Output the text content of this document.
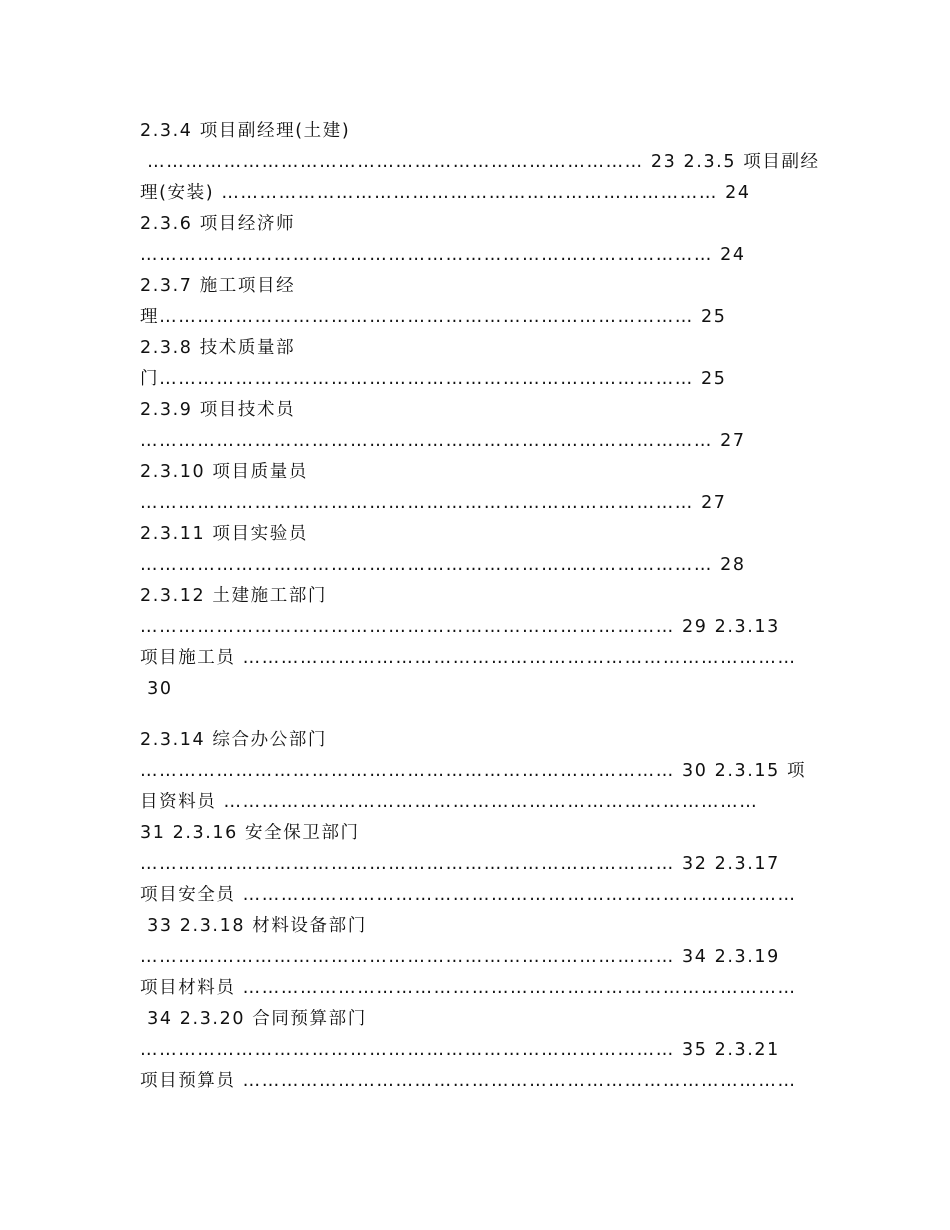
2.3.4 项目副经理(土建)
…………………………………………………………………… 23 2.3.5 项目副经
理(安装) …………………………………………………………………… 24
2.3.6 项目经济师
……………………………………………………………………………… 24
2.3.7 施工项目经
理………………………………………………………………………… 25
2.3.8 技术质量部
门………………………………………………………………………… 25
2.3.9 项目技术员
……………………………………………………………………………… 27
2.3.10 项目质量员
…………………………………………………………………………… 27
2.3.11 项目实验员
……………………………………………………………………………… 28
2.3.12 土建施工部门
………………………………………………………………………… 29 2.3.13
项目施工员 ……………………………………………………………………………
30
2.3.14 综合办公部门
………………………………………………………………………… 30 2.3.15 项
目资料员 …………………………………………………………………………
31 2.3.16 安全保卫部门
………………………………………………………………………… 32 2.3.17
项目安全员 ……………………………………………………………………………
33 2.3.18 材料设备部门
………………………………………………………………………… 34 2.3.19
项目材料员 ……………………………………………………………………………
34 2.3.20 合同预算部门
………………………………………………………………………… 35 2.3.21
项目预算员 ……………………………………………………………………………
